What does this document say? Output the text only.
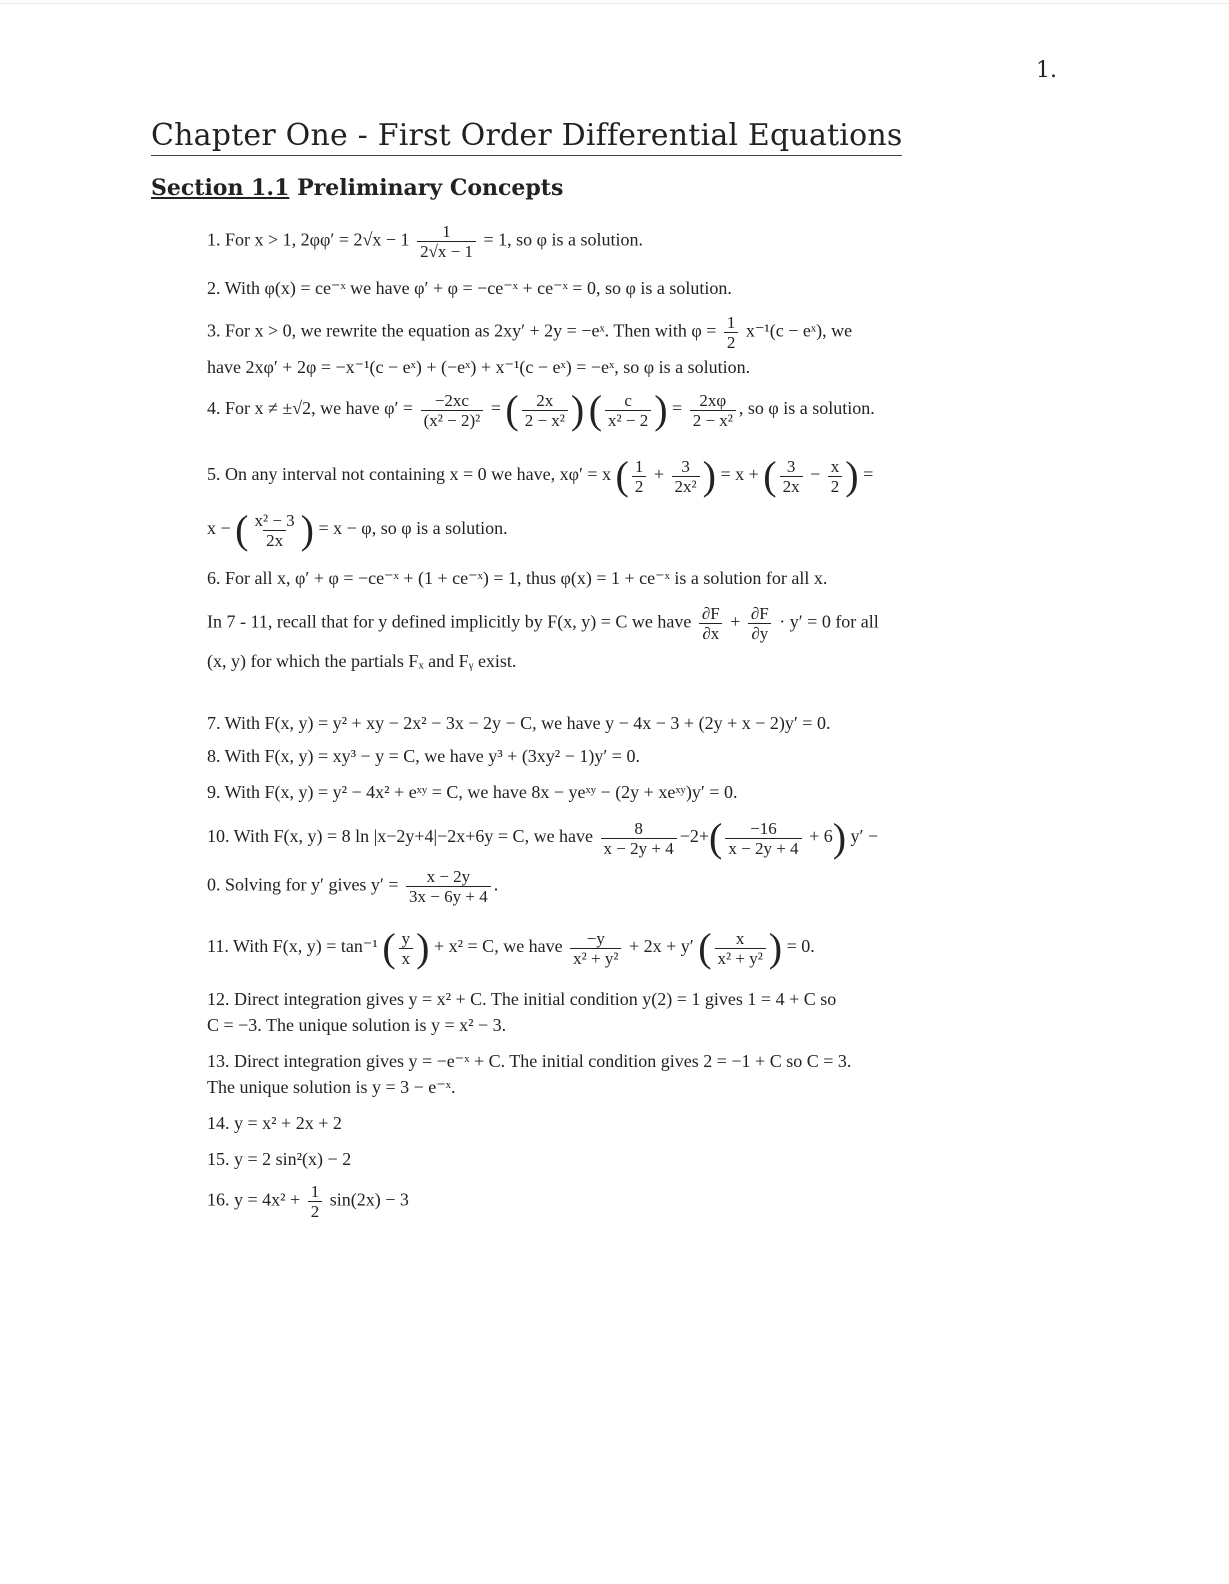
1.
Chapter One - First Order Differential Equations
Section 1.1 Preliminary Concepts
1. For x > 1, $2\varphi\varphi' = 2√x - 1 \frac{1}{2√x - 1} = 1$, so φ is a solution.
2. With φ(x) = ce⁻ˣ we have φ′ + φ = −ce⁻ˣ + ce⁻ˣ = 0, so φ is a solution.
3. For x > 0, we rewrite the equation as 2xy′ + 2y = −eˣ. Then with $\varphi = \frac{1}{2} x^{-1}(c$ − eˣ), we
have 2xφ′ + 2φ = −x⁻¹(c − eˣ) + (−eˣ) + x⁻¹(c − eˣ) = −eˣ, so φ is a solution.
4. For x ≠ ±√2, we have $\varphi' = \frac{-2xc}{\text{(x² − 2)²}}$ = ( $\frac{2x}{\text{2 − x²}}$ ) ( $\frac{c}{\text{x² − 2}}$ ) = $\frac{2x\varphi}{\text{2 − x²}}$ , so φ is a solution.
5. On any interval not containing x = 0 we have, xφ′ = x ( $\frac{1}{2} + \frac{3}{\text{2x²}}$ ) = x + ( $\frac{3}{2x} - \frac{x}{2}$ ) =
x − ( $\frac{\text{x² − 3}}{2x}$ ) = x − φ, so φ is a solution.
6. For all x, φ′ + φ = −ce⁻ˣ + (1 + ce⁻ˣ) = 1, thus φ(x) = 1 + ce⁻ˣ is a solution for all x.
In 7 - 11, recall that for y defined implicitly by F(x, y) = C we have $\frac{\partial F}{\partial x} + \frac{\partial F}{\partial y} \cdot y' = 0$ for all
(x, y) for which the partials Fₓ and Fᵧ exist.
7. With F(x, y) = y² + xy − 2x² − 3x − 2y − C, we have y − 4x − 3 + (2y + x − 2)y′ = 0.
8. With F(x, y) = xy³ − y = C, we have y³ + (3xy² − 1)y′ = 0.
9. With F(x, y) = y² − 4x² + eˣʸ = C, we have 8x − yeˣʸ − (2y + xeˣʸ)y′ = 0.
10. With F(x, y) = 8 ln |x−2y+4|−2x+6y = C, we have $\frac{8}{x - 2y + 4} -2+( \frac{-16}{x - 2y + 4} + 6) y'$ −
0. Solving for y′ gives $y' = \frac{x - 2y}{3x - 6y + 4}$ .
11. With F(x, y) = tan⁻¹ ( $\frac{y}{x}$ ) + x² = C, we have $\frac{-y}{\text{x² + y²}} + 2x + y'$ ( $\frac{x}{\text{x² + y²}}$ ) = 0.
12. Direct integration gives y = x² + C. The initial condition y(2) = 1 gives 1 = 4 + C so
C = −3. The unique solution is y = x² − 3.
13. Direct integration gives y = −e⁻ˣ + C. The initial condition gives 2 = −1 + C so C = 3.
The unique solution is y = 3 − e⁻ˣ.
14. y = x² + 2x + 2
15. y = 2 sin²(x) − 2
16. $y = 4x^2 + \frac{1}{2} \sin(2x) - 3$
